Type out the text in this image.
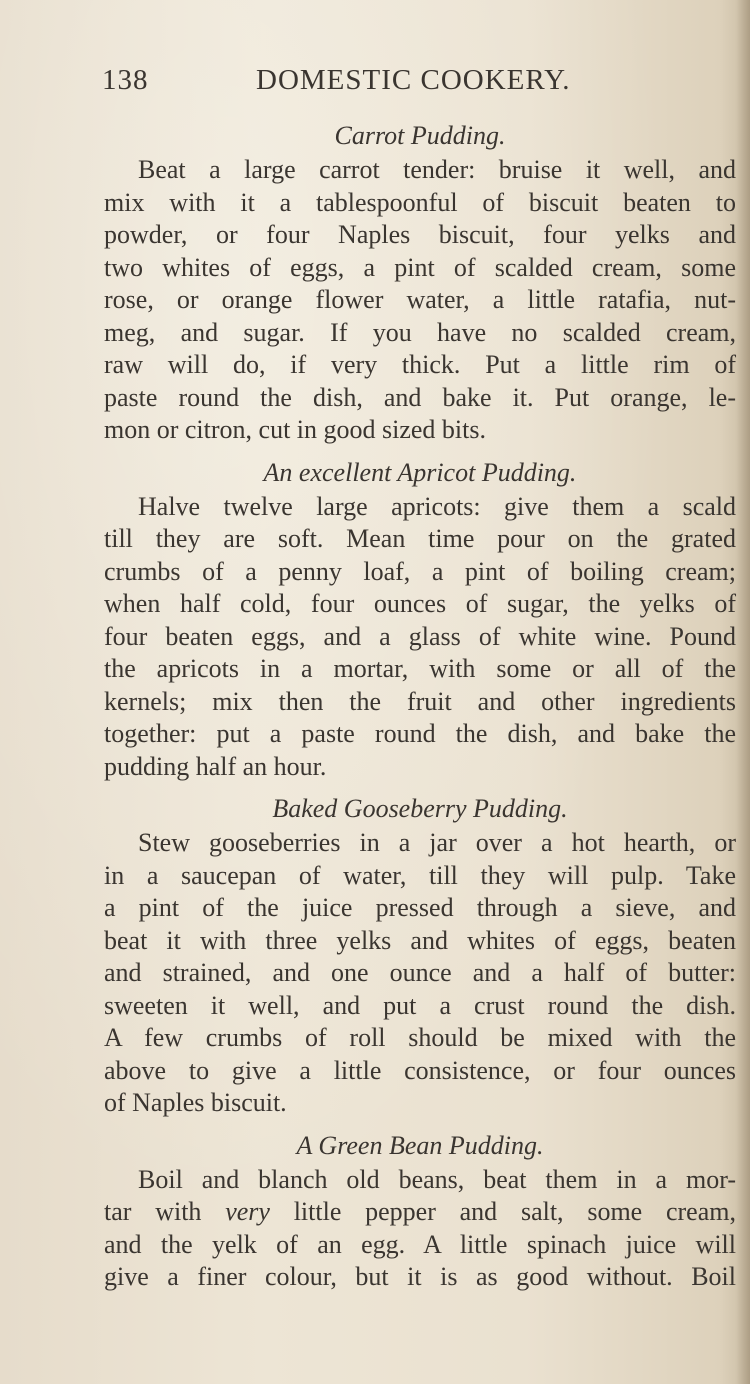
138	DOMESTIC COOKERY.
Carrot Pudding.
Beat a large carrot tender: bruise it well, and
mix with it a tablespoonful of biscuit beaten to
powder, or four Naples biscuit, four yelks and
two whites of eggs, a pint of scalded cream, some
rose, or orange flower water, a little ratafia, nut-
meg, and sugar. If you have no scalded cream,
raw will do, if very thick. Put a little rim of
paste round the dish, and bake it. Put orange, le-
mon or citron, cut in good sized bits.
An excellent Apricot Pudding.
Halve twelve large apricots: give them a scald
till they are soft. Mean time pour on the grated
crumbs of a penny loaf, a pint of boiling cream;
when half cold, four ounces of sugar, the yelks of
four beaten eggs, and a glass of white wine. Pound
the apricots in a mortar, with some or all of the
kernels; mix then the fruit and other ingredients
together: put a paste round the dish, and bake the
pudding half an hour.
Baked Gooseberry Pudding.
Stew gooseberries in a jar over a hot hearth, or
in a saucepan of water, till they will pulp. Take
a pint of the juice pressed through a sieve, and
beat it with three yelks and whites of eggs, beaten
and strained, and one ounce and a half of butter:
sweeten it well, and put a crust round the dish.
A few crumbs of roll should be mixed with the
above to give a little consistence, or four ounces
of Naples biscuit.
A Green Bean Pudding.
Boil and blanch old beans, beat them in a mor-
tar with very little pepper and salt, some cream,
and the yelk of an egg. A little spinach juice will
give a finer colour, but it is as good without. Boil
